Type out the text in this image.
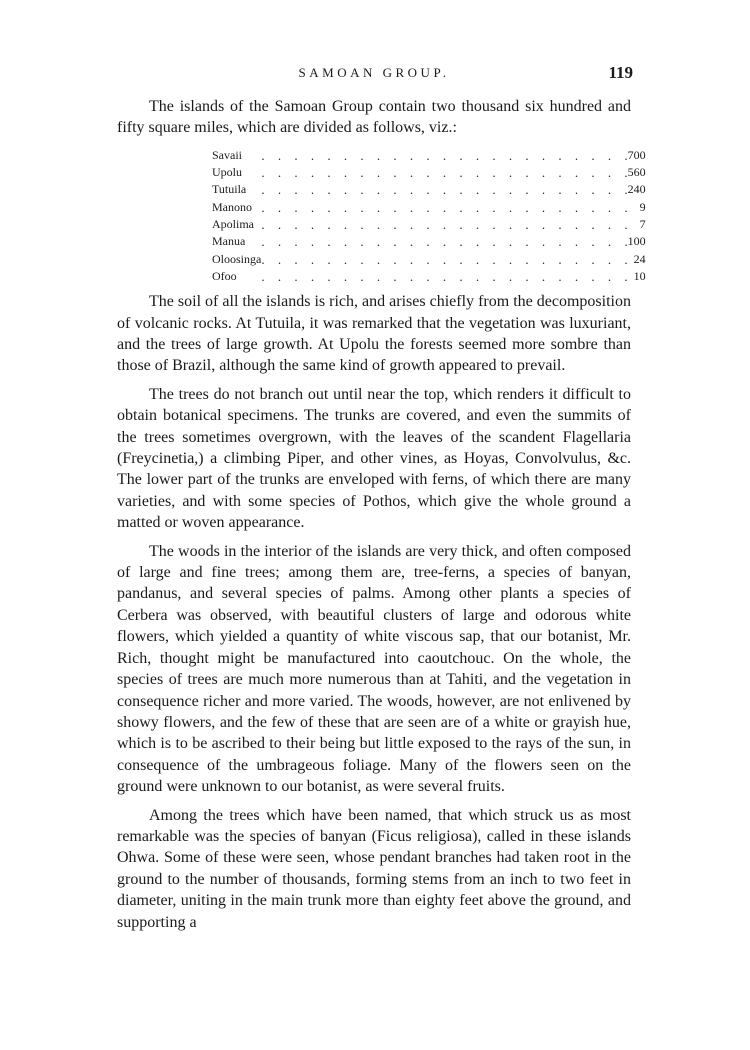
SAMOAN GROUP.	119

The islands of the Samoan Group contain two thousand six hundred and fifty square miles, which are divided as follows, viz.:

Savaii	. . .	700
Upolu	. . .	560
Tutuila	. . .	240
Manono	. . .	9
Apolima	. . .	7
Manua	. . .	100
Oloosinga	. . .	24
Ofoo	. . .	10

The soil of all the islands is rich, and arises chiefly from the decomposition of volcanic rocks. At Tutuila, it was remarked that the vegetation was luxuriant, and the trees of large growth. At Upolu the forests seemed more sombre than those of Brazil, although the same kind of growth appeared to prevail.

The trees do not branch out until near the top, which renders it difficult to obtain botanical specimens. The trunks are covered, and even the summits of the trees sometimes overgrown, with the leaves of the scandent Flagellaria (Freycinetia,) a climbing Piper, and other vines, as Hoyas, Convolvulus, &c. The lower part of the trunks are enveloped with ferns, of which there are many varieties, and with some species of Pothos, which give the whole ground a matted or woven appearance.

The woods in the interior of the islands are very thick, and often composed of large and fine trees; among them are, tree-ferns, a species of banyan, pandanus, and several species of palms. Among other plants a species of Cerbera was observed, with beautiful clusters of large and odorous white flowers, which yielded a quantity of white viscous sap, that our botanist, Mr. Rich, thought might be manufactured into caoutchouc. On the whole, the species of trees are much more numerous than at Tahiti, and the vegetation in consequence richer and more varied. The woods, however, are not enlivened by showy flowers, and the few of these that are seen are of a white or grayish hue, which is to be ascribed to their being but little exposed to the rays of the sun, in consequence of the umbrageous foliage. Many of the flowers seen on the ground were unknown to our botanist, as were several fruits.

Among the trees which have been named, that which struck us as most remarkable was the species of banyan (Ficus religiosa), called in these islands Ohwa. Some of these were seen, whose pendant branches had taken root in the ground to the number of thousands, forming stems from an inch to two feet in diameter, uniting in the main trunk more than eighty feet above the ground, and supporting a
